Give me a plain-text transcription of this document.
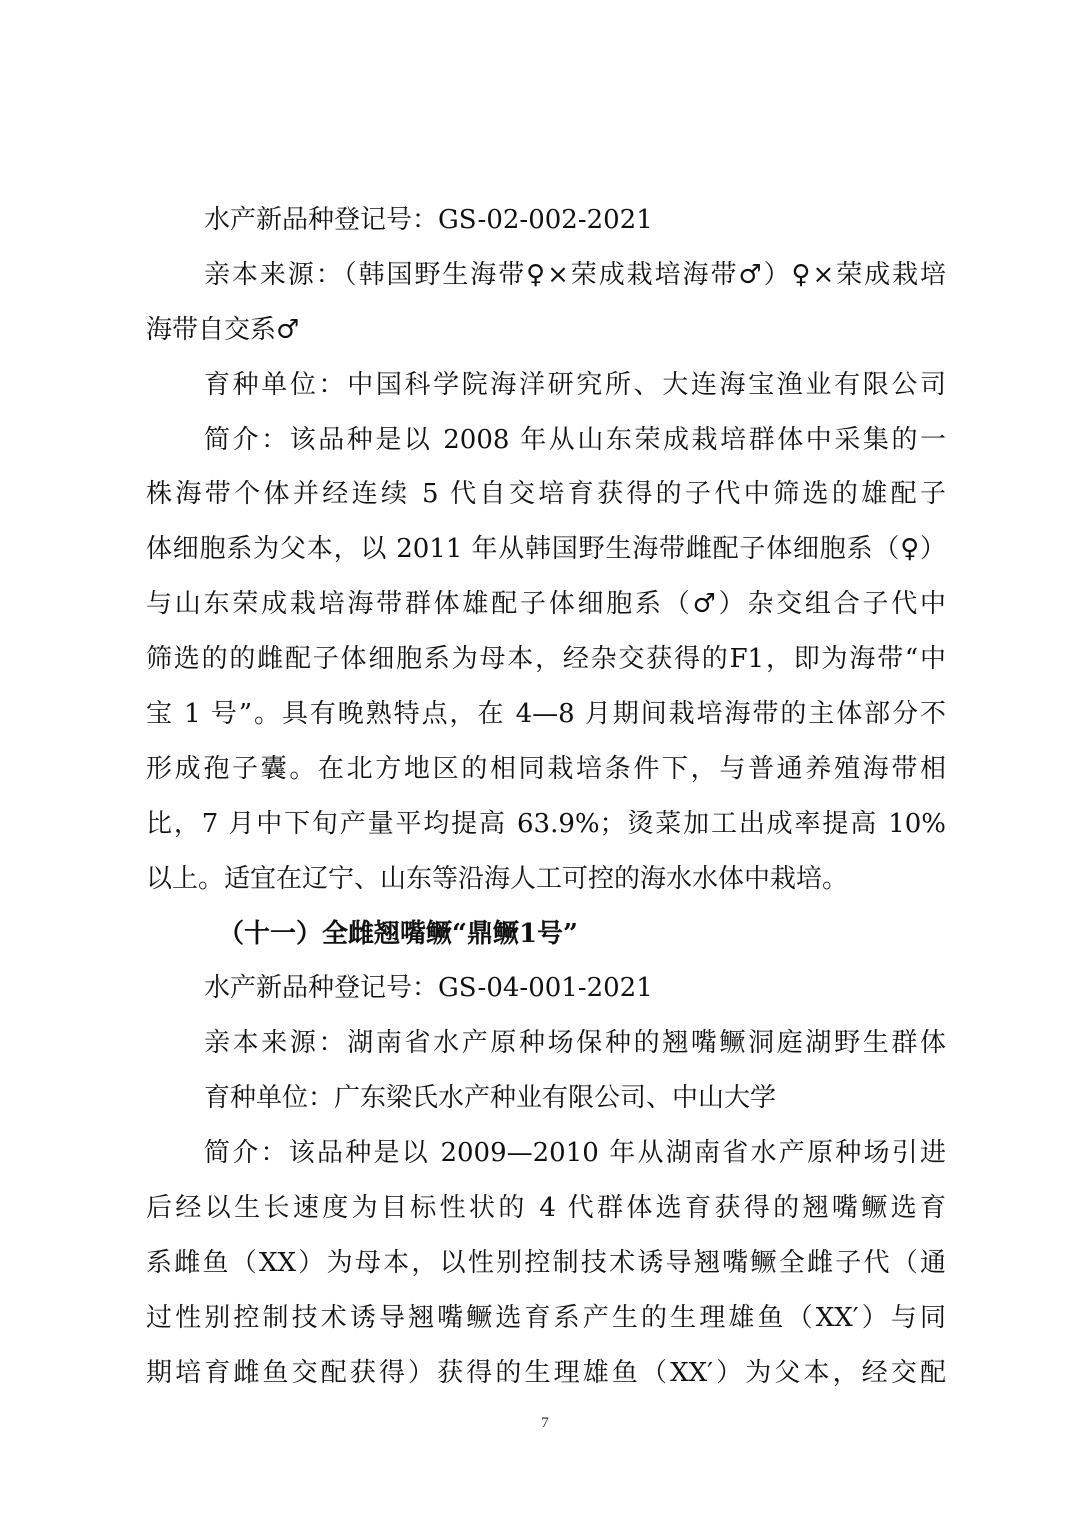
水产新品种登记号：GS-02-002-2021
亲本来源：（韩国野生海带♀×荣成栽培海带♂）♀×荣成栽培
海带自交系♂
育种单位：中国科学院海洋研究所、大连海宝渔业有限公司
简介：该品种是以 2008 年从山东荣成栽培群体中采集的一
株海带个体并经连续 5 代自交培育获得的子代中筛选的雄配子
体细胞系为父本，以 2011 年从韩国野生海带雌配子体细胞系（♀）
与山东荣成栽培海带群体雄配子体细胞系（♂）杂交组合子代中
筛选的的雌配子体细胞系为母本，经杂交获得的F1，即为海带“中
宝 1 号”。具有晚熟特点，在 4—8 月期间栽培海带的主体部分不
形成孢子囊。在北方地区的相同栽培条件下，与普通养殖海带相
比，7 月中下旬产量平均提高 63.9%；烫菜加工出成率提高 10%
以上。适宜在辽宁、山东等沿海人工可控的海水水体中栽培。
（十一）全雌翘嘴鳜“鼎鳜1号”
水产新品种登记号：GS-04-001-2021
亲本来源：湖南省水产原种场保种的翘嘴鳜洞庭湖野生群体
育种单位：广东梁氏水产种业有限公司、中山大学
简介：该品种是以 2009—2010 年从湖南省水产原种场引进
后经以生长速度为目标性状的 4 代群体选育获得的翘嘴鳜选育
系雌鱼（XX）为母本，以性别控制技术诱导翘嘴鳜全雌子代（通
过性别控制技术诱导翘嘴鳜选育系产生的生理雄鱼（XX′）与同
期培育雌鱼交配获得）获得的生理雄鱼（XX′）为父本，经交配
7
